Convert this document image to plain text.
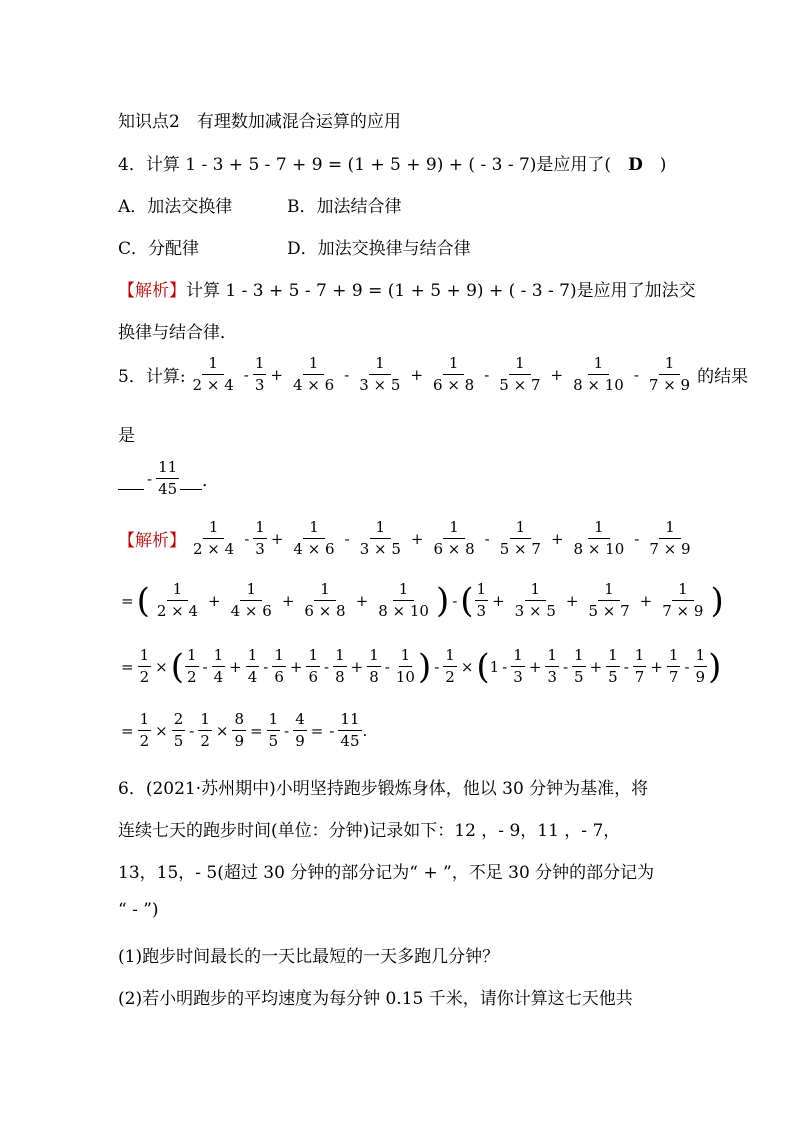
知识点2　有理数加减混合运算的应用
4．计算 1 - 3 + 5 - 7 + 9 = (1 + 5 + 9) + ( - 3 - 7)是应用了(　D　)
A．加法交换律	B．加法结合律
C．分配律	D．加法交换律与结合律
【解析】计算 1 - 3 + 5 - 7 + 9 = (1 + 5 + 9) + ( - 3 - 7)是应用了加法交
换律与结合律．
5．计算: $\frac{1}{2 \times 4} - \frac{1}{3} + \frac{1}{4 \times 6} - \frac{1}{3 \times 5} + \frac{1}{6 \times 8} - \frac{1}{5 \times 7} + \frac{1}{8 \times 10} - \frac{1}{7 \times 9}$ 的结果
是
- $\frac{11}{45}$ ．
【解析】 $\frac{1}{2 \times 4} - \frac{1}{3} + \frac{1}{4 \times 6} - \frac{1}{3 \times 5} + \frac{1}{6 \times 8} - \frac{1}{5 \times 7} + \frac{1}{8 \times 10} - \frac{1}{7 \times 9}$
= ( $\frac{1}{2 \times 4} + \frac{1}{4 \times 6} + \frac{1}{6 \times 8} + \frac{1}{8 \times 10}$ ) - ( $\frac{1}{3} + \frac{1}{3 \times 5} + \frac{1}{5 \times 7} + \frac{1}{7 \times 9}$ )
= $\frac{1}{2}$ × ( $\frac{1}{2} - \frac{1}{4} + \frac{1}{4} - \frac{1}{6} + \frac{1}{6} - \frac{1}{8} + \frac{1}{8} - \frac{1}{10}$ ) - $\frac{1}{2}$ × ( $1 - \frac{1}{3} + \frac{1}{3} - \frac{1}{5} + \frac{1}{5} - \frac{1}{7} + \frac{1}{7} - \frac{1}{9}$ )
= $\frac{1}{2} \times \frac{2}{5} - \frac{1}{2} \times \frac{8}{9} = \frac{1}{5} - \frac{4}{9}$ = - $\frac{11}{45}$ .
6．(2021·苏州期中)小明坚持跑步锻炼身体，他以 30 分钟为基准，将
连续七天的跑步时间(单位：分钟)记录如下：12 ，- 9，11 ，- 7，
13，15，- 5(超过 30 分钟的部分记为“ + ”，不足 30 分钟的部分记为
“ - ”)
(1)跑步时间最长的一天比最短的一天多跑几分钟？
(2)若小明跑步的平均速度为每分钟 0.15 千米，请你计算这七天他共
